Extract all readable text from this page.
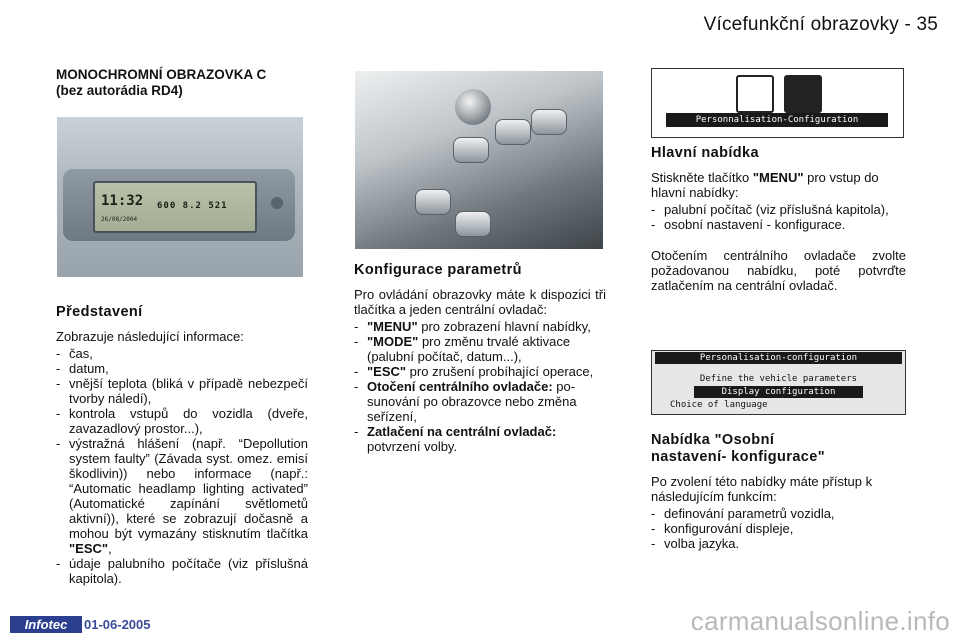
Vícefunkční obrazovky - 35

MONOCHROMNÍ OBRAZOVKA C

(bez autorádia RD4)

11:32
26/08/2004
600 8.2 521

Představení

Zobrazuje následující informace:

- čas,
- datum,
- vnější teplota (bliká v případě nebezpečí tvorby náledí),
- kontrola vstupů do vozidla (dveře, zavazadlový prostor...),
- výstražná hlášení (např. “Depollution system faulty” (Závada syst. omez. emisí škodlivin)) nebo informace (např.: “Automatic headlamp lighting activated” (Automatické zapínání světlometů aktivní)), které se zobrazují dočasně a mohou být vymazány stisknutím tlačítka "ESC",
- údaje palubního počítače (viz příslušná kapitola).

Konfigurace parametrů

Pro ovládání obrazovky máte k dispozici tři tlačítka a jeden centrální ovladač:

- "MENU" pro zobrazení hlavní nabídky,
- "MODE" pro změnu trvalé aktivace (palubní počítač, datum...),
- "ESC" pro zrušení probíhající operace,
- Otočení centrálního ovladače: posunování po obrazovce nebo změna seřízení,
- Zatlačení na centrální ovladač: potvrzení volby.
Personnalisation-Configuration

Hlavní nabídka

Stiskněte tlačítko "MENU" pro vstup do hlavní nabídky:

- palubní počítač (viz příslušná kapitola),
- osobní nastavení - konfigurace.

Otočením centrálního ovladače zvolte požadovanou nabídku, poté potvrďte zatlačením na centrální ovladač.

Personalisation-configuration
Define the vehicle parameters
Display configuration
Choice of language

Nabídka "Osobní

nastavení- konfigurace"

Po zvolení této nabídky máte přístup k následujícím funkcím:

- definování parametrů vozidla,
- konfigurování displeje,
- volba jazyka.
Infotec	01-06-2005	carmanualsonline.info
